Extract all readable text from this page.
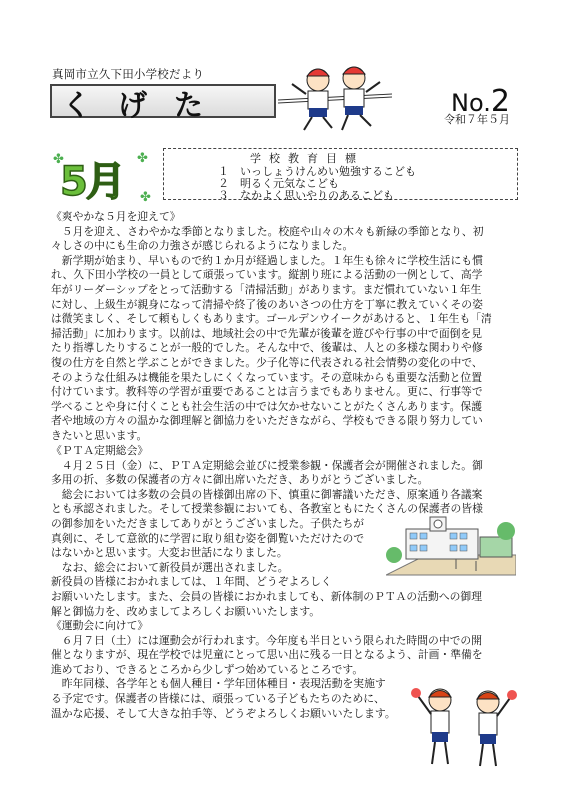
真岡市立久下田小学校だより
くげた	No.2
令和７年５月
5月
✤	✤
✤
学校教育目標
１　 いっしょうけんめい勉強するこども
２　 明るく元気なこども
３　 なかよく思いやりのあるこども
《爽やかな５月を迎えて》
　５月を迎え、さわやかな季節となりました。校庭や山々の木々も新緑の季節となり、初
々しさの中にも生命の力強さが感じられるようになりました。
　新学期が始まり、早いもので約１か月が経過しました。１年生も徐々に学校生活にも慣
れ、久下田小学校の一員として頑張っています。縦割り班による活動の一例として、高学
年がリーダーシップをとって活動する「清掃活動」があります。まだ慣れていない１年生
に対し、上級生が親身になって清掃や終了後のあいさつの仕方を丁寧に教えていくその姿
は微笑ましく、そして頼もしくもあります。ゴールデンウイークがあけると、１年生も「清
掃活動」に加わります。以前は、地域社会の中で先輩が後輩を遊びや行事の中で面倒を見
たり指導したりすることが一般的でした。そんな中で、後輩は、人との多様な関わりや修
復の仕方を自然と学ぶことができました。少子化等に代表される社会情勢の変化の中で、
そのような仕組みは機能を果たしにくくなっています。その意味からも重要な活動と位置
付けています。教科等の学習が重要であることは言うまでもありません。更に、行事等で
学べることや身に付くことも社会生活の中では欠かせないことがたくさんあります。保護
者や地域の方々の温かな御理解と御協力をいただきながら、学校もできる限り努力してい
きたいと思います。
《ＰＴＡ定期総会》
　４月２５日（金）に、ＰＴＡ定期総会並びに授業参観・保護者会が開催されました。御
多用の折、多数の保護者の方々に御出席いただき、ありがとうございました。
　総会においては多数の会員の皆様御出席の下、慎重に御審議いただき、原案通り各議案
とも承認されました。そして授業参観においても、各教室ともにたくさんの保護者の皆様
の御参加をいただきましてありがとうございました。子供たちが
真剣に、そして意欲的に学習に取り組む姿を御覧いただけたので
はないかと思います。大変お世話になりました。
　なお、総会において新役員が選出されました。
新役員の皆様におかれましては、１年間、どうぞよろしく
お願いいたします。また、会員の皆様におかれましても、新体制のＰＴＡの活動への御理
解と御協力を、改めましてよろしくお願いいたします。
《運動会に向けて》
　６月７日（土）には運動会が行われます。今年度も半日という限られた時間の中での開
催となりますが、現在学校では児童にとって思い出に残る一日となるよう、計画・準備を
進めており、できるところから少しずつ始めているところです。
　昨年同様、各学年とも個人種目・学年団体種目・表現活動を実施す
る予定です。保護者の皆様には、頑張っている子どもたちのために、
温かな応援、そして大きな拍手等、どうぞよろしくお願いいたします。
